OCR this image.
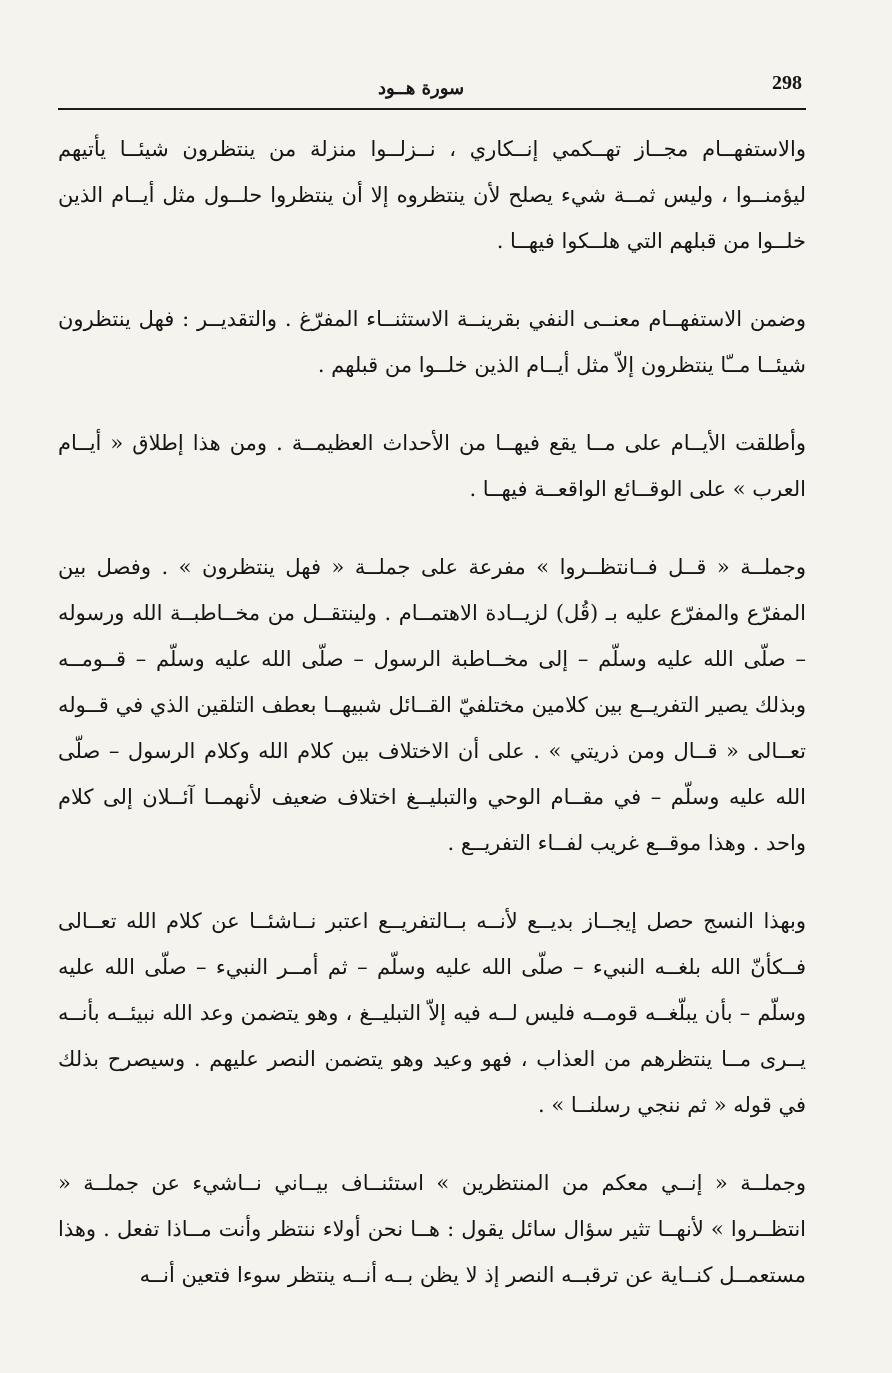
298
سورة هــود

والاستفهــام مجــاز تهــكمي إنــكاري ، نــزلــوا منزلة من ينتظرون شيئــا يأتيهم ليؤمنــوا ، وليس ثمــة شيء يصلح لأن ينتظروه إلا أن ينتظروا حلــول مثل أيــام الذين خلــوا من قبلهم التي هلــكوا فيهــا .

وضمن الاستفهــام معنــى النفي بقرينــة الاستثنــاء المفرّغ . والتقديــر : فهل ينتظرون شيئــا مــّا ينتظرون إلاّ مثل أيــام الذين خلــوا من قبلهم .

وأطلقت الأيــام على مــا يقع فيهــا من الأحداث العظيمــة . ومن هذا إطلاق « أيــام العرب » على الوقــائع الواقعــة فيهــا .

وجملــة « قــل فــانتظــروا » مفرعة على جملــة « فهل ينتظرون » . وفصل بين المفرّع والمفرّع عليه بـ (قُل) لزيــادة الاهتمــام . ولينتقــل من مخــاطبــة الله ورسوله – صلّى الله عليه وسلّم – إلى مخــاطبة الرسول – صلّى الله عليه وسلّم – قــومــه وبذلك يصير التفريــع بين كلامين مختلفيّ القــائل شبيهــا بعطف التلقين الذي في قــوله تعــالى « قــال ومن ذريتي » . على أن الاختلاف بين كلام الله وكلام الرسول – صلّى الله عليه وسلّم – في مقــام الوحي والتبليــغ اختلاف ضعيف لأنهمــا آئــلان إلى كلام واحد . وهذا موقــع غريب لفــاء التفريــع .

وبهذا النسج حصل إيجــاز بديــع لأنــه بــالتفريــع اعتبر نــاشئــا عن كلام الله تعــالى فــكأنّ الله بلغــه النبيء – صلّى الله عليه وسلّم – ثم أمــر النبيء – صلّى الله عليه وسلّم – بأن يبلّغــه قومــه فليس لــه فيه إلاّ التبليــغ ، وهو يتضمن وعد الله نبيئــه بأنــه يــرى مــا ينتظرهم من العذاب ، فهو وعيد وهو يتضمن النصر عليهم . وسيصرح بذلك في قوله « ثم ننجي رسلنــا » .

وجملــة « إنــي معكم من المنتظرين » استئنــاف بيــاني نــاشيء عن جملــة « انتظــروا » لأنهــا تثير سؤال سائل يقول : هــا نحن أولاء ننتظر وأنت مــاذا تفعل . وهذا مستعمــل كنــاية عن ترقبــه النصر إذ لا يظن بــه أنــه ينتظر سوءا فتعين أنــه
